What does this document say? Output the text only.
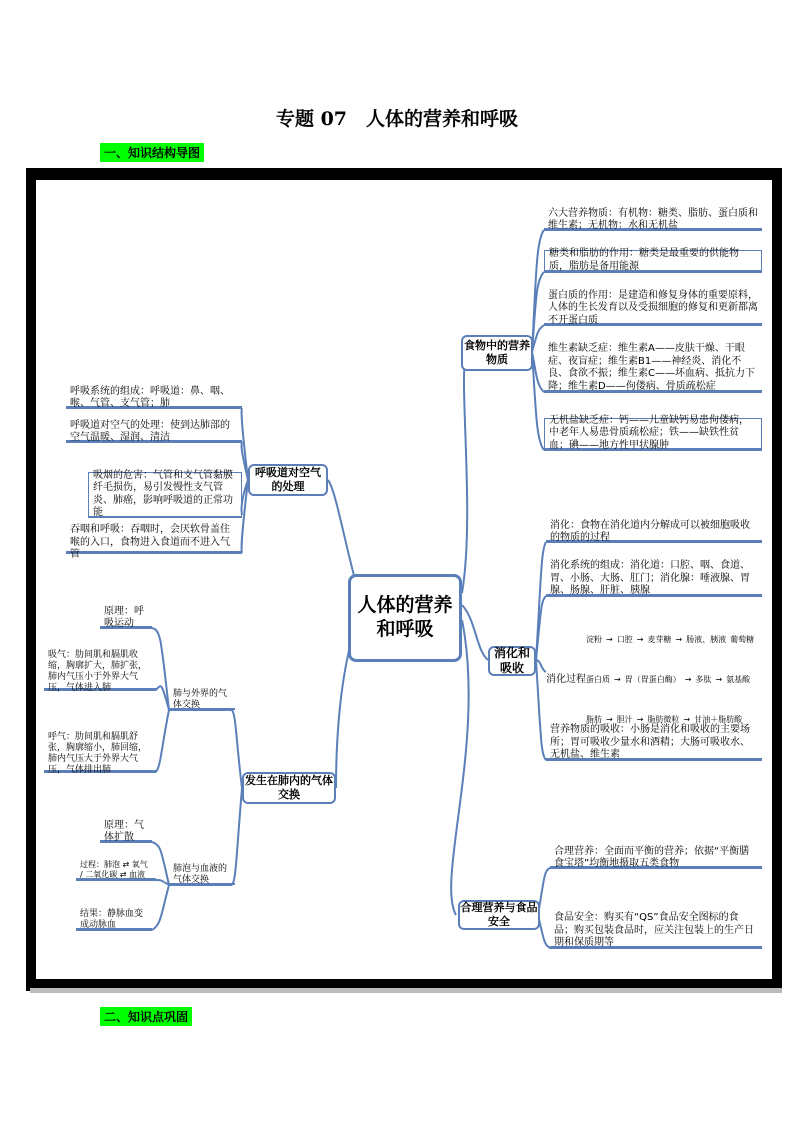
专题 07　人体的营养和呼吸
一、知识结构导图
人体的营养和呼吸
食物中的营养物质
消化和吸收
合理营养与食品安全
呼吸道对空气的处理
发生在肺内的气体交换
六大营养物质：有机物：糖类、脂肪、蛋白质和维生素；无机物：水和无机盐
糖类和脂肪的作用：糖类是最重要的供能物质，脂肪是备用能源
蛋白质的作用：是建造和修复身体的重要原料，人体的生长发育以及受损细胞的修复和更新都离不开蛋白质
维生素缺乏症：维生素A——皮肤干燥、干眼症、夜盲症；维生素B1——神经炎、消化不良、食欲不振；维生素C——坏血病、抵抗力下降；维生素D——佝偻病、骨质疏松症
无机盐缺乏症：钙——儿童缺钙易患佝偻病，中老年人易患骨质疏松症；铁——缺铁性贫血；碘——地方性甲状腺肿
消化：食物在消化道内分解成可以被细胞吸收的物质的过程
消化系统的组成：消化道：口腔、咽、食道、胃、小肠、大肠、肛门；消化腺：唾液腺、胃腺、肠腺、肝脏、胰腺
消化过程
淀粉 → 口腔 → 麦芽糖 → 肠液、胰液 葡萄糖
蛋白质 → 胃（胃蛋白酶） → 多肽 → 氨基酸
脂肪 → 胆汁 → 脂肪微粒 → 甘油＋脂肪酸
营养物质的吸收：小肠是消化和吸收的主要场所；胃可吸收少量水和酒精；大肠可吸收水、无机盐、维生素
合理营养：全面而平衡的营养；依据“平衡膳食宝塔”均衡地摄取五类食物
食品安全：购买有“QS”食品安全图标的食品；购买包装食品时，应关注包装上的生产日期和保质期等
呼吸系统的组成：呼吸道：鼻、咽、喉、气管、支气管；肺
呼吸道对空气的处理：使到达肺部的空气温暖、湿润、清洁
吸烟的危害：气管和支气管黏膜纤毛损伤，易引发慢性支气管炎、肺癌，影响呼吸道的正常功能
吞咽和呼吸：吞咽时，会厌软骨盖住喉的入口，食物进入食道而不进入气管
肺与外界的气体交换
肺泡与血液的气体交换
原理：呼吸运动
吸气：肋间肌和膈肌收缩，胸廓扩大，肺扩张，肺内气压小于外界大气压，气体进入肺
呼气：肋间肌和膈肌舒张，胸廓缩小，肺回缩，肺内气压大于外界大气压，气体排出肺
原理：气体扩散
过程：肺泡 ⇄ 氧气 / 二氧化碳 ⇄ 血液
结果：静脉血变成动脉血
二、知识点巩固
